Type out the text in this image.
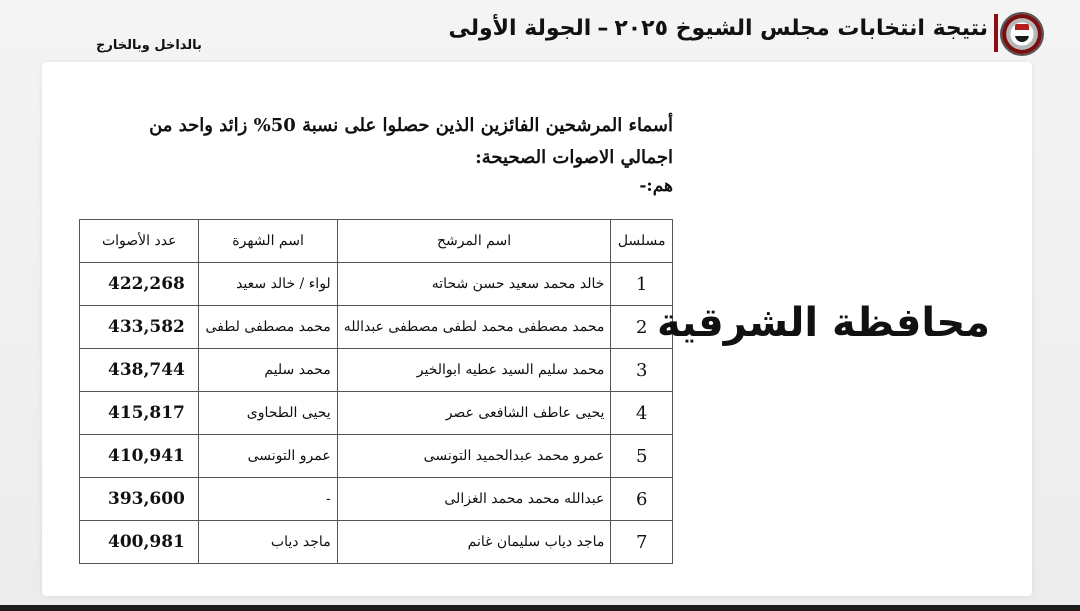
نتيجة انتخابات مجلس الشيوخ ٢٠٢٥–الجولة الأولى
بالداخل وبالخارج
أسماء المرشحين الفائزين الذين حصلوا على نسبة 50% زائد واحد من اجمالي الاصوات الصحيحة:
هم:-
مسلسل	اسم المرشح	اسم الشهرة	عدد الأصوات
1	خالد محمد سعيد حسن شحاته	لواء / خالد سعيد	422,268
2	محمد مصطفى محمد لطفى مصطفى عبدالله	محمد مصطفى لطفى	433,582
3	محمد سليم السيد عطيه ابوالخير	محمد سليم	438,744
4	يحيى عاطف الشافعى عصر	يحيى الطحاوى	415,817
5	عمرو محمد عبدالحميد التونسى	عمرو التونسى	410,941
6	عبدالله محمد محمد الغزالى	-	393,600
7	ماجد دياب سليمان غانم	ماجد دياب	400,981
محافظة الشرقية
